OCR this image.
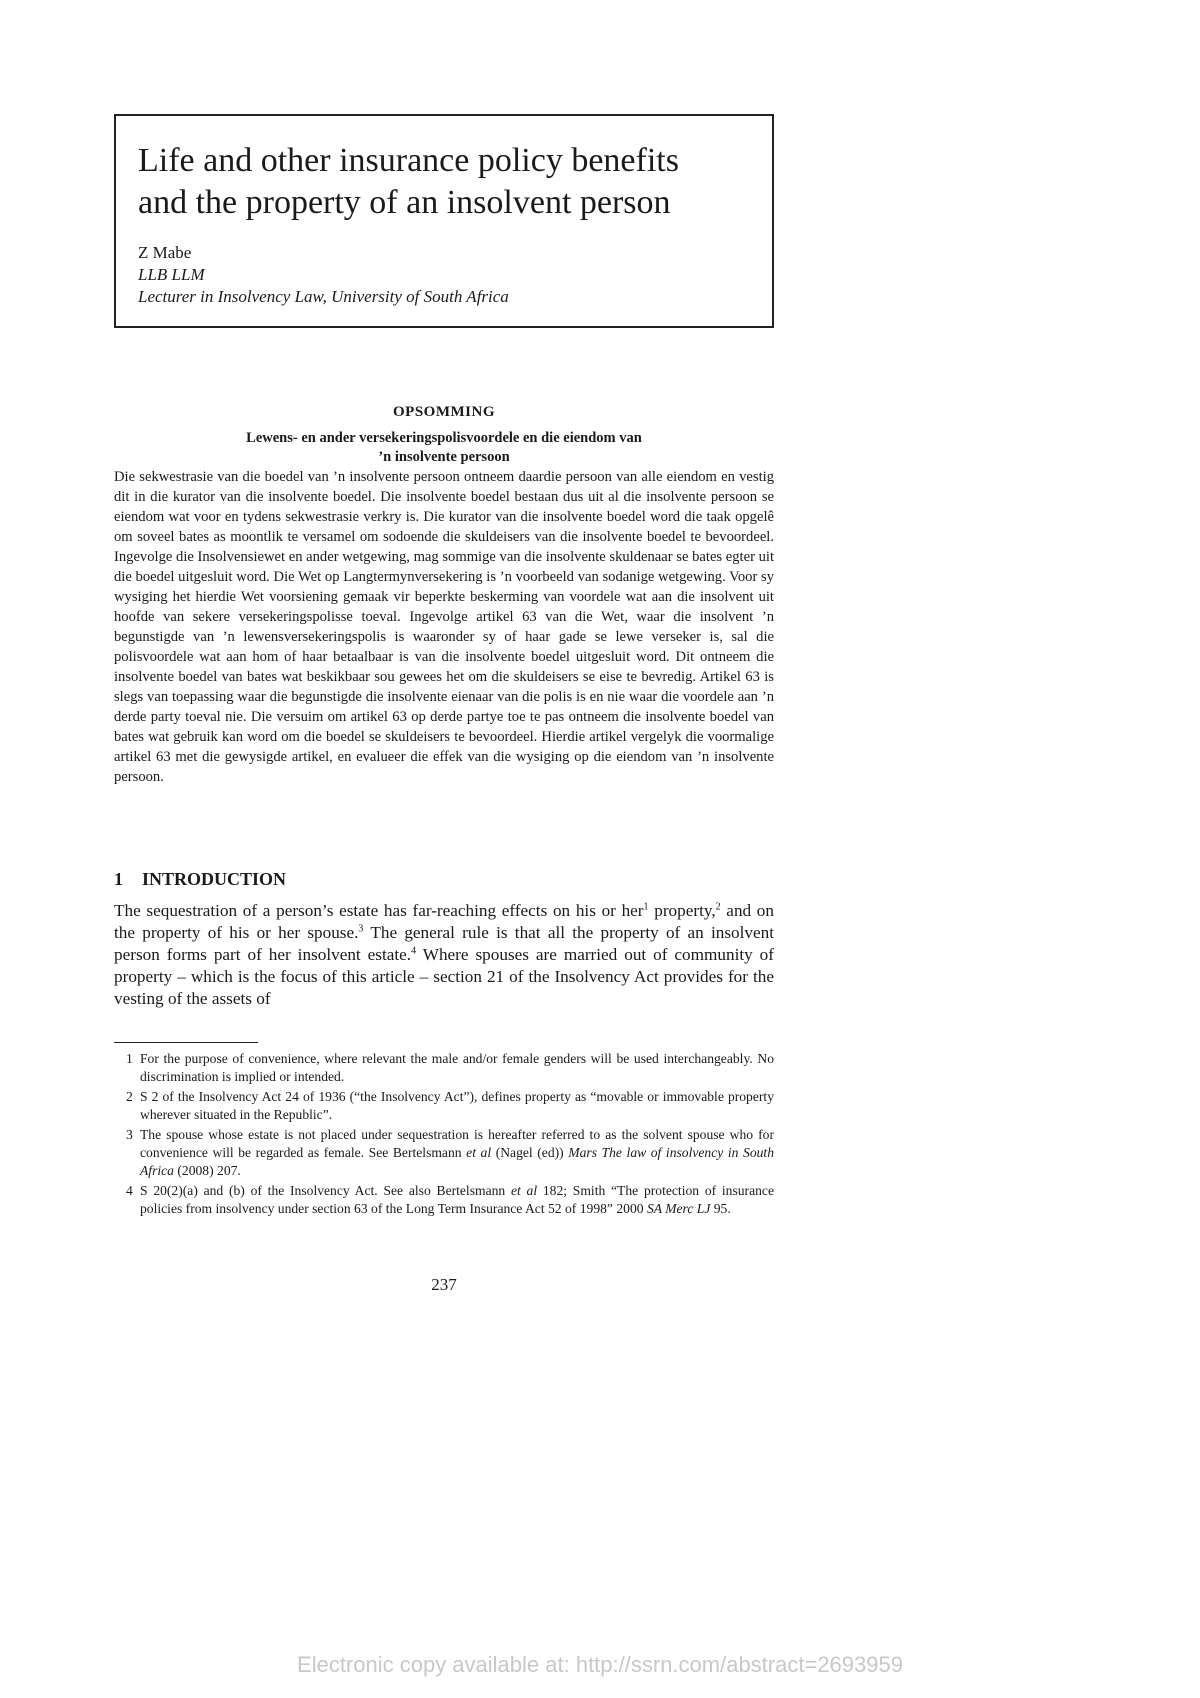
Life and other insurance policy benefits
and the property of an insolvent person
Z Mabe
LLB LLM
Lecturer in Insolvency Law, University of South Africa
OPSOMMING
Lewens- en ander versekeringspolisvoordele en die eiendom van
’n insolvente persoon

Die sekwestrasie van die boedel van ’n insolvente persoon ontneem daardie persoon van alle eiendom en vestig dit in die kurator van die insolvente boedel. Die insolvente boedel bestaan dus uit al die insolvente persoon se eiendom wat voor en tydens sekwestrasie verkry is. Die kurator van die insolvente boedel word die taak opgelê om soveel bates as moontlik te versamel om sodoende die skuldeisers van die insolvente boedel te bevoordeel. Ingevolge die Insolvensiewet en ander wetgewing, mag sommige van die insolvente skuldenaar se bates egter uit die boedel uitgesluit word. Die Wet op Langtermynversekering is ’n voorbeeld van sodanige wetgewing. Voor sy wysiging het hierdie Wet voorsiening gemaak vir beperkte beskerming van voordele wat aan die insolvent uit hoofde van sekere versekeringspolisse toeval. Ingevolge artikel 63 van die Wet, waar die insolvent ’n begunstigde van ’n lewensversekeringspolis is waaronder sy of haar gade se lewe verseker is, sal die polisvoordele wat aan hom of haar betaalbaar is van die insolvente boedel uitgesluit word. Dit ontneem die insolvente boedel van bates wat beskikbaar sou gewees het om die skuldeisers se eise te bevredig. Artikel 63 is slegs van toepassing waar die begunstigde die insolvente eienaar van die polis is en nie waar die voordele aan ’n derde party toeval nie. Die versuim om artikel 63 op derde partye toe te pas ontneem die insolvente boedel van bates wat gebruik kan word om die boedel se skuldeisers te bevoordeel. Hierdie artikel vergelyk die voormalige artikel 63 met die gewysigde artikel, en evalueer die effek van die wysiging op die eiendom van ’n insolvente persoon.

1 INTRODUCTION

The sequestration of a person’s estate has far-reaching effects on his or her$^1$ property,$^2$ and on the property of his or her spouse.$^3$ The general rule is that all the property of an insolvent person forms part of her insolvent estate.$^4$ Where spouses are married out of community of property – which is the focus of this article – section 21 of the Insolvency Act provides for the vesting of the assets of

1 For the purpose of convenience, where relevant the male and/or female genders will be used interchangeably. No discrimination is implied or intended.
2 S 2 of the Insolvency Act 24 of 1936 (“the Insolvency Act”), defines property as “movable or immovable property wherever situated in the Republic”.
3 The spouse whose estate is not placed under sequestration is hereafter referred to as the solvent spouse who for convenience will be regarded as female. See Bertelsmann et al (Nagel (ed)) Mars The law of insolvency in South Africa (2008) 207.
4 S 20(2)(a) and (b) of the Insolvency Act. See also Bertelsmann et al 182; Smith “The protection of insurance policies from insolvency under section 63 of the Long Term Insurance Act 52 of 1998” 2000 SA Merc LJ 95.
237
Electronic copy available at: http://ssrn.com/abstract=2693959
